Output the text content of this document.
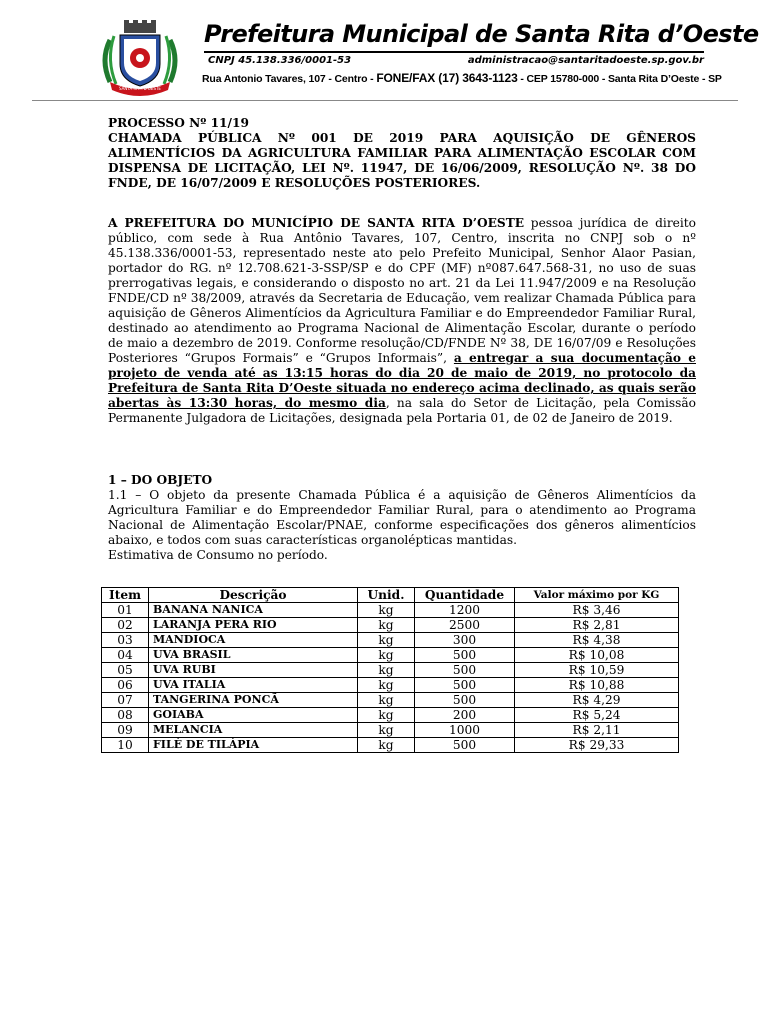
SANTA RITA D'OESTE
Prefeitura Municipal de Santa Rita d’Oeste
CNPJ 45.138.336/0001-53	administracao@santaritadoeste.sp.gov.br
Rua Antonio Tavares, 107 - Centro - FONE/FAX (17) 3643-1123 - CEP 15780-000 - Santa Rita D’Oeste - SP

PROCESSO Nº 11/19

CHAMADA PÚBLICA Nº 001 DE 2019 PARA AQUISIÇÃO DE GÊNEROS ALIMENTÍCIOS DA AGRICULTURA FAMILIAR PARA ALIMENTAÇÃO ESCOLAR COM DISPENSA DE LICITAÇÃO, LEI Nº. 11947, DE 16/06/2009, RESOLUÇÃO Nº. 38 DO FNDE, DE 16/07/2009 E RESOLUÇÕES POSTERIORES.

A PREFEITURA DO MUNICÍPIO DE SANTA RITA D’OESTE pessoa jurídica de direito público, com sede à Rua Antônio Tavares, 107, Centro, inscrita no CNPJ sob o nº 45.138.336/0001-53, representado neste ato pelo Prefeito Municipal, Senhor Alaor Pasian, portador do RG. nº 12.708.621-3-SSP/SP e do CPF (MF) nº087.647.568-31, no uso de suas prerrogativas legais, e considerando o disposto no art. 21 da Lei 11.947/2009 e na Resolução FNDE/CD nº 38/2009, através da Secretaria de Educação, vem realizar Chamada Pública para aquisição de Gêneros Alimentícios da Agricultura Familiar e do Empreendedor Familiar Rural, destinado ao atendimento ao Programa Nacional de Alimentação Escolar, durante o período de maio a dezembro de 2019. Conforme resolução/CD/FNDE Nº 38, DE 16/07/09 e Resoluções Posteriores “Grupos Formais” e “Grupos Informais”, a entregar a sua documentação e projeto de venda até as 13:15 horas do dia 20 de maio de 2019, no protocolo da Prefeitura de Santa Rita D’Oeste situada no endereço acima declinado, as quais serão abertas às 13:30 horas, do mesmo dia, na sala do Setor de Licitação, pela Comissão Permanente Julgadora de Licitações, designada pela Portaria 01, de 02 de Janeiro de 2019.

1 – DO OBJETO

1.1 – O objeto da presente Chamada Pública é a aquisição de Gêneros Alimentícios da Agricultura Familiar e do Empreendedor Familiar Rural, para o atendimento ao Programa Nacional de Alimentação Escolar/PNAE, conforme especificações dos gêneros alimentícios abaixo, e todos com suas características organolépticas mantidas.

Estimativa de Consumo no período.

Item	Descrição	Unid.	Quantidade	Valor máximo por KG
01	BANANA NANICA	kg	1200	R$ 3,46
02	LARANJA PERA RIO	kg	2500	R$ 2,81
03	MANDIOCA	kg	300	R$ 4,38
04	UVA BRASIL	kg	500	R$ 10,08
05	UVA RUBI	kg	500	R$ 10,59
06	UVA ITALIA	kg	500	R$ 10,88
07	TANGERINA PONCÃ	kg	500	R$ 4,29
08	GOIABA	kg	200	R$ 5,24
09	MELANCIA	kg	1000	R$ 2,11
10	FILÉ DE TILÁPIA	kg	500	R$ 29,33
